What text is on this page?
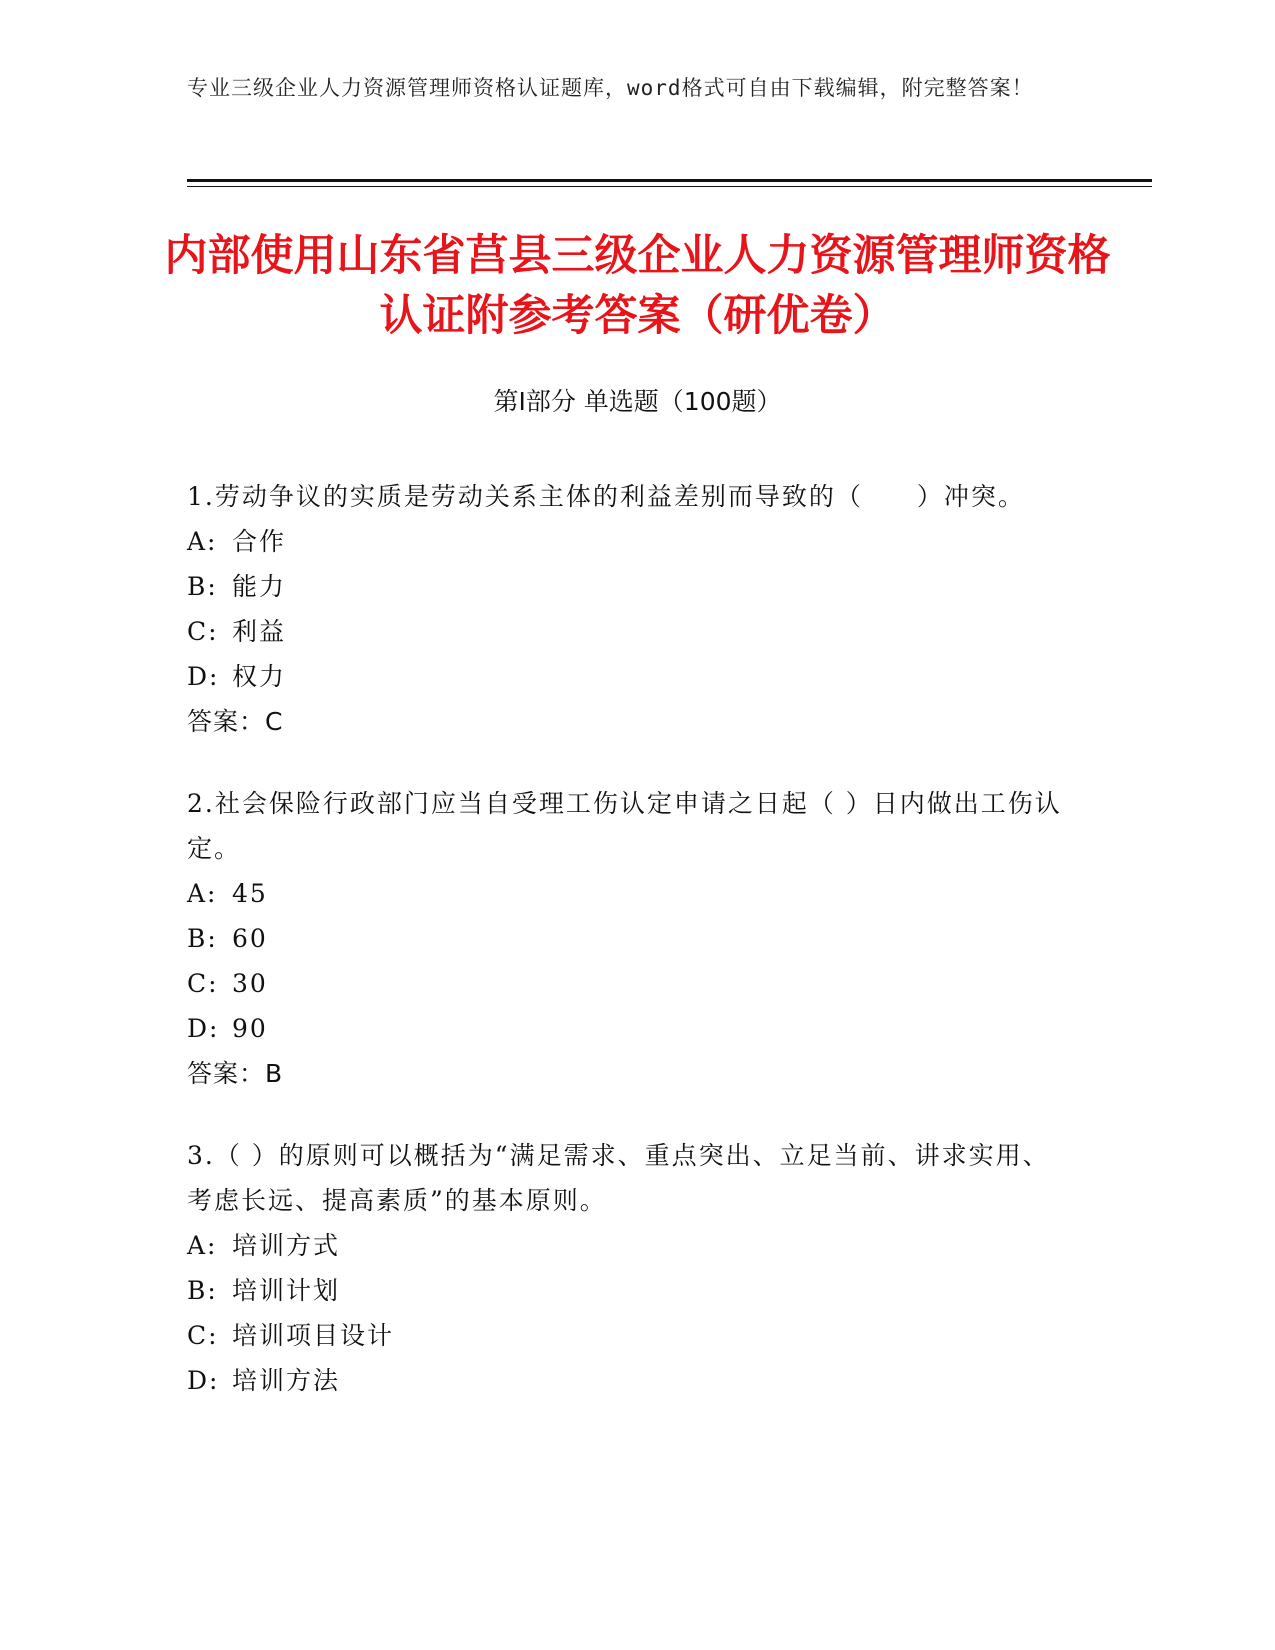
专业三级企业人力资源管理师资格认证题库，word格式可自由下载编辑，附完整答案！
内部使用山东省莒县三级企业人力资源管理师资格认证附参考答案（研优卷）
第Ⅰ部分 单选题（100题）

1.劳动争议的实质是劳动关系主体的利益差别而导致的（　　）冲突。

A: 合作
B: 能力
C: 利益
D: 权力
答案：C

2.社会保险行政部门应当自受理工伤认定申请之日起（ ）日内做出工伤认定。

A: 45
B: 60
C: 30
D: 90
答案：B

3.（ ）的原则可以概括为“满足需求、重点突出、立足当前、讲求实用、考虑长远、提高素质”的基本原则。

A: 培训方式
B: 培训计划
C: 培训项目设计
D: 培训方法
